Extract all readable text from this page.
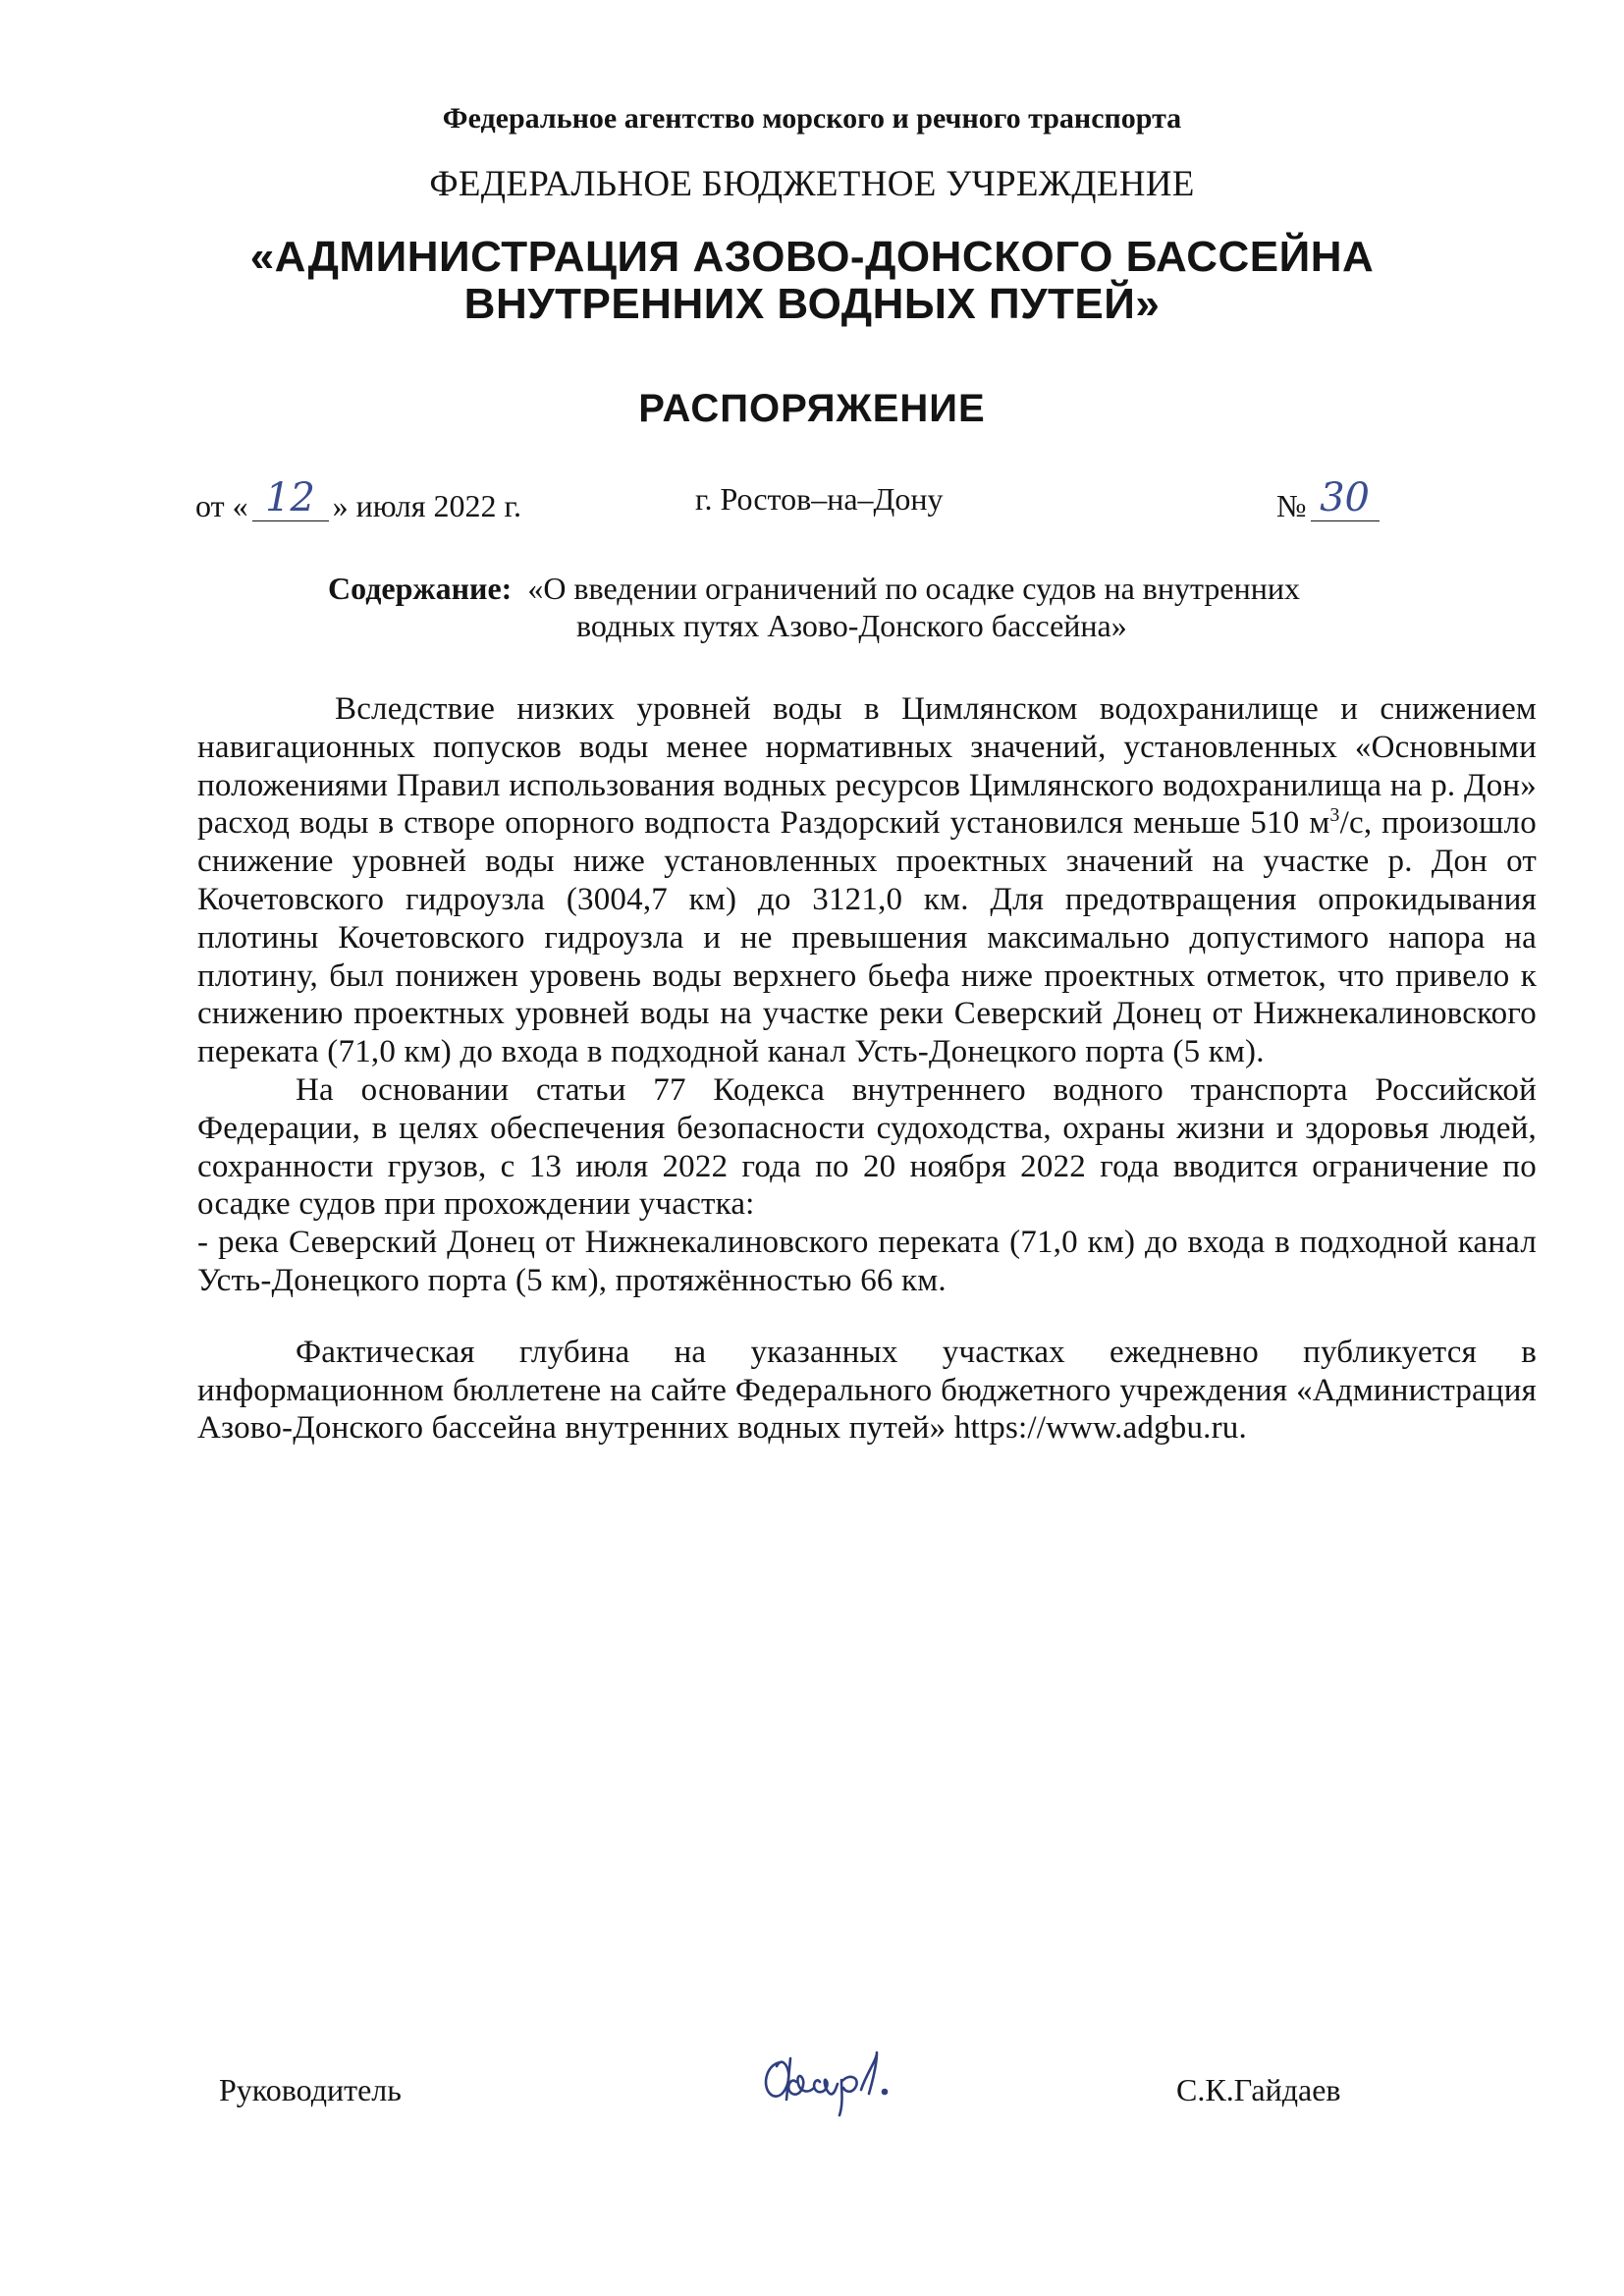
Федеральное агентство морского и речного транспорта
ФЕДЕРАЛЬНОЕ БЮДЖЕТНОЕ УЧРЕЖДЕНИЕ
«АДМИНИСТРАЦИЯ АЗОВО-ДОНСКОГО БАССЕЙНА
ВНУТРЕННИХ ВОДНЫХ ПУТЕЙ»
РАСПОРЯЖЕНИЕ
от « 12 » июля 2022 г.	г. Ростов–на–Дону	№ 30
Содержание: «О введении ограничений по осадке судов на внутренних
водных путях Азово-Донского бассейна»

Вследствие низких уровней воды в Цимлянском водохранилище и снижением навигационных попусков воды менее нормативных значений, установленных «Основными положениями Правил использования водных ресурсов Цимлянского водохранилища на р. Дон» расход воды в створе опорного водпоста Раздорский установился меньше 510 $м^3/с$, произошло снижение уровней воды ниже установленных проектных значений на участке р. Дон от Кочетовского гидроузла (3004,7 км) до 3121,0 км. Для предотвращения опрокидывания плотины Кочетовского гидроузла и не превышения максимально допустимого напора на плотину, был понижен уровень воды верхнего бьефа ниже проектных отметок, что привело к снижению проектных уровней воды на участке реки Северский Донец от Нижнекалиновского переката (71,0 км) до входа в подходной канал Усть-Донецкого порта (5 км).

На основании статьи 77 Кодекса внутреннего водного транспорта Российской Федерации, в целях обеспечения безопасности судоходства, охраны жизни и здоровья людей, сохранности грузов, с 13 июля 2022 года по 20 ноября 2022 года вводится ограничение по осадке судов при прохождении участка:

- река Северский Донец от Нижнекалиновского переката (71,0 км) до входа в подходной канал Усть-Донецкого порта (5 км), протяжённостью 66 км.

Фактическая глубина на указанных участках ежедневно публикуется в информационном бюллетене на сайте Федерального бюджетного учреждения «Администрация Азово-Донского бассейна внутренних водных путей» https://www.adgbu.ru.

Руководитель	С.К.Гайдаев
